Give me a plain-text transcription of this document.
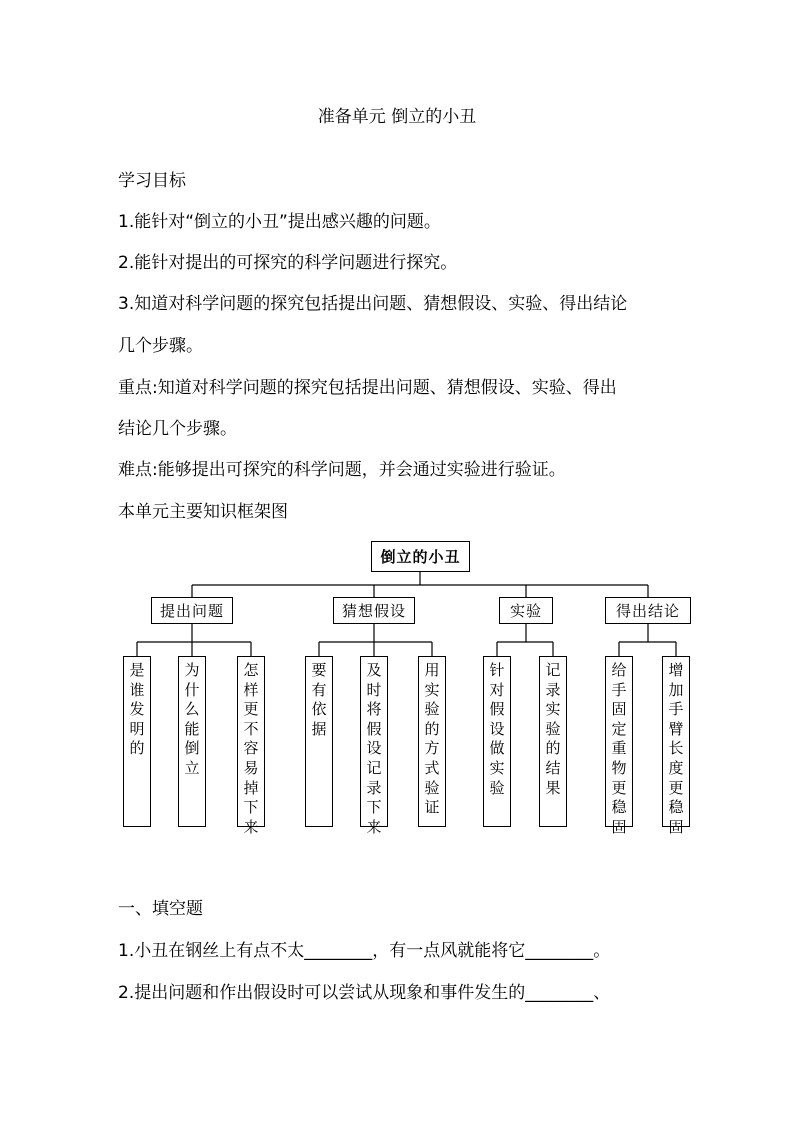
准备单元 倒立的小丑
学习目标
1.能针对“倒立的小丑”提出感兴趣的问题。
2.能针对提出的可探究的科学问题进行探究。
3.知道对科学问题的探究包括提出问题、猜想假设、实验、得出结论
几个步骤。
重点:知道对科学问题的探究包括提出问题、猜想假设、实验、得出
结论几个步骤。
难点:能够提出可探究的科学问题，并会通过实验进行验证。
本单元主要知识框架图
倒立的小丑
提出问题	猜想假设	实验	得出结论
是谁发明的
为什么能倒立
怎样更不容易掉下来
要有依据
及时将假设记录下来
用实验的方式验证
针对假设做实验
记录实验的结果
给手固定重物更稳固
增加手臂长度更稳固
一、填空题
1.小丑在钢丝上有点不太________，有一点风就能将它________。
2.提出问题和作出假设时可以尝试从现象和事件发生的________、
